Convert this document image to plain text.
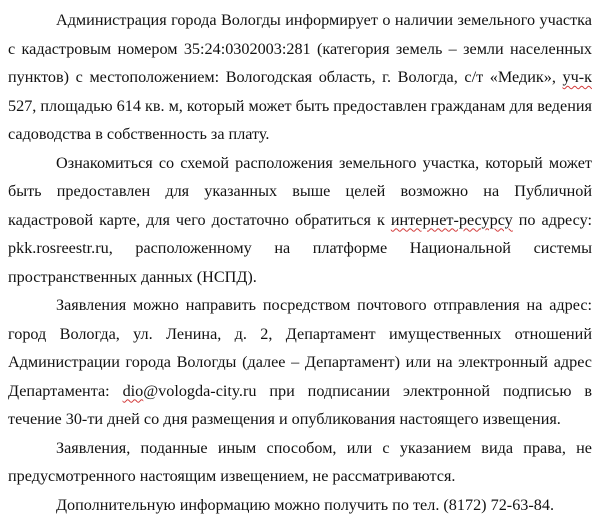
Администрация города Вологды информирует о наличии земельного участка с кадастровым номером 35:24:0302003:281 (категория земель – земли населенных пунктов) с местоположением: Вологодская область, г. Вологда, с/т «Медик», уч-к 527, площадью 614 кв. м, который может быть предоставлен гражданам для ведения садоводства в собственность за плату.

Ознакомиться со схемой расположения земельного участка, который может быть предоставлен для указанных выше целей возможно на Публичной кадастровой карте, для чего достаточно обратиться к интернет-ресурсу по адресу: pkk.rosreestr.ru, расположенному на платформе Национальной системы пространственных данных (НСПД).

Заявления можно направить посредством почтового отправления на адрес: город Вологда, ул. Ленина, д. 2, Департамент имущественных отношений Администрации города Вологды (далее – Департамент) или на электронный адрес Департамента: dio@vologda-city.ru при подписании электронной подписью в течение 30-ти дней со дня размещения и опубликования настоящего извещения.

Заявления, поданные иным способом, или с указанием вида права, не предусмотренного настоящим извещением, не рассматриваются.

Дополнительную информацию можно получить по тел. (8172) 72-63-84.
